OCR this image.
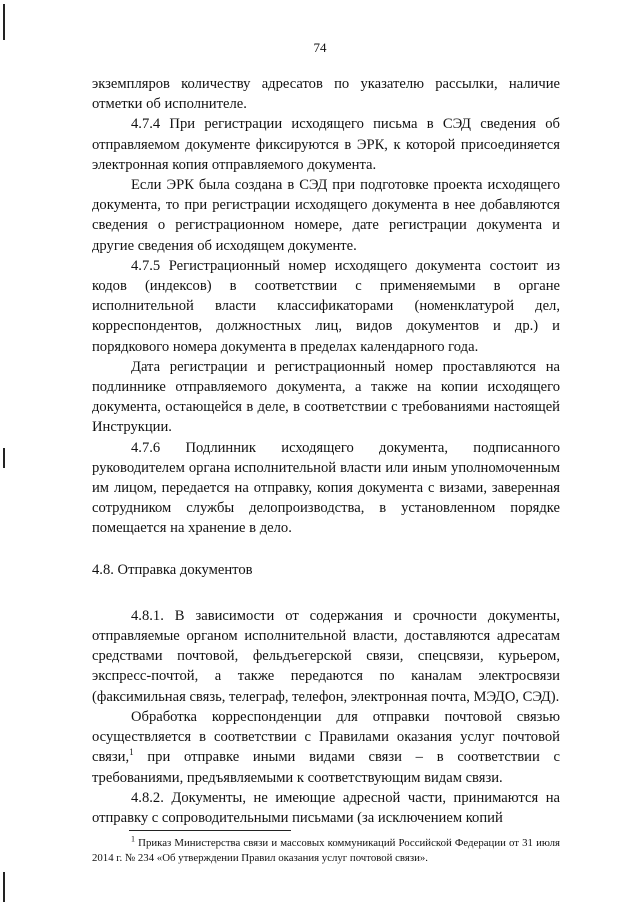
74

экземпляров количеству адресатов по указателю рассылки, наличие отметки об исполнителе.

4.7.4 При регистрации исходящего письма в СЭД сведения об отправляемом документе фиксируются в ЭРК, к которой присоединяется электронная копия отправляемого документа.

Если ЭРК была создана в СЭД при подготовке проекта исходящего документа, то при регистрации исходящего документа в нее добавляются сведения о регистрационном номере, дате регистрации документа и другие сведения об исходящем документе.

4.7.5 Регистрационный номер исходящего документа состоит из кодов (индексов) в соответствии с применяемыми в органе исполнительной власти классификаторами (номенклатурой дел, корреспондентов, должностных лиц, видов документов и др.) и порядкового номера документа в пределах календарного года.

Дата регистрации и регистрационный номер проставляются на подлиннике отправляемого документа, а также на копии исходящего документа, остающейся в деле, в соответствии с требованиями настоящей Инструкции.

4.7.6 Подлинник исходящего документа, подписанного руководителем органа исполнительной власти или иным уполномоченным им лицом, передается на отправку, копия документа с визами, заверенная сотрудником службы делопроизводства, в установленном порядке помещается на хранение в дело.

4.8. Отправка документов

4.8.1. В зависимости от содержания и срочности документы, отправляемые органом исполнительной власти, доставляются адресатам средствами почтовой, фельдъегерской связи, спецсвязи, курьером, экспресс-почтой, а также передаются по каналам электросвязи (факсимильная связь, телеграф, телефон, электронная почта, МЭДО, СЭД).

Обработка корреспонденции для отправки почтовой связью осуществляется в соответствии с Правилами оказания услуг почтовой связи,$^1$ при отправке иными видами связи – в соответствии с требованиями, предъявляемыми к соответствующим видам связи.

4.8.2. Документы, не имеющие адресной части, принимаются на отправку с сопроводительными письмами (за исключением копий

$^1$ Приказ Министерства связи и массовых коммуникаций Российской Федерации от 31 июля 2014 г. № 234 «Об утверждении Правил оказания услуг почтовой связи».
